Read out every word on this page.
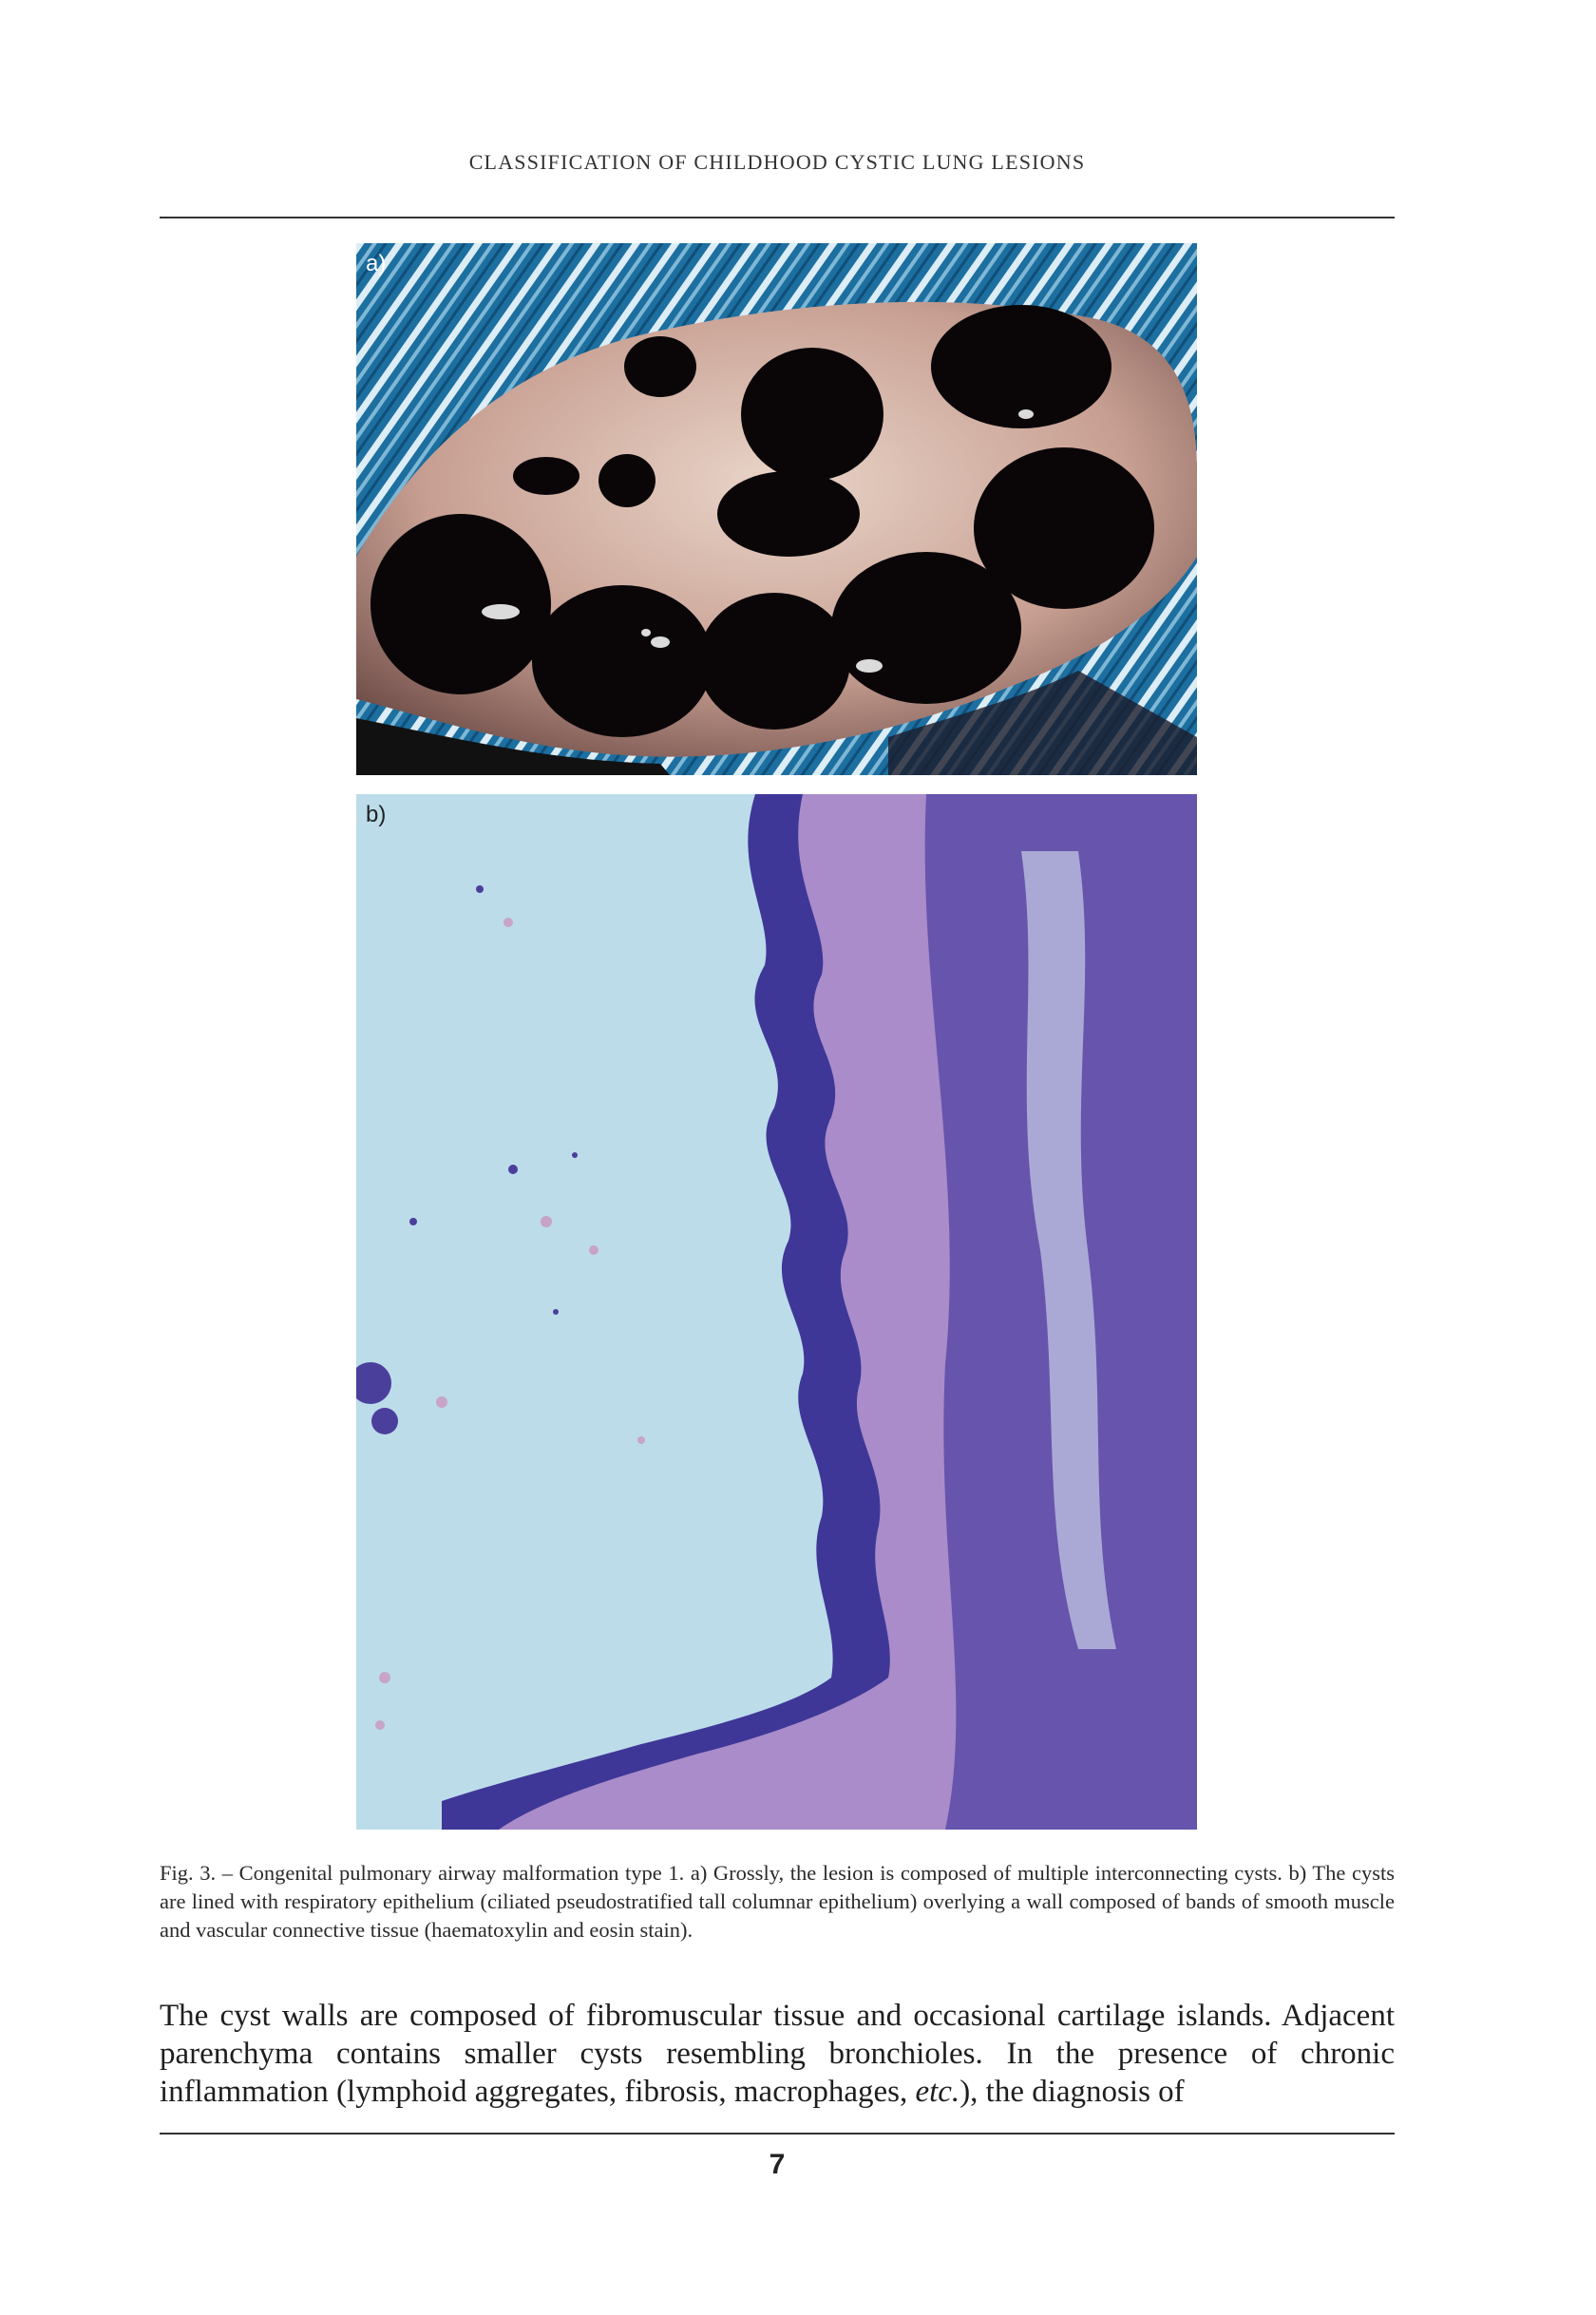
CLASSIFICATION OF CHILDHOOD CYSTIC LUNG LESIONS
a)
b)
Fig. 3. – Congenital pulmonary airway malformation type 1. a) Grossly, the lesion is composed of multiple interconnecting cysts. b) The cysts are lined with respiratory epithelium (ciliated pseudostratified tall columnar epithelium) overlying a wall composed of bands of smooth muscle and vascular connective tissue (haematoxylin and eosin stain).

The cyst walls are composed of fibromuscular tissue and occasional cartilage islands. Adjacent parenchyma contains smaller cysts resembling bronchioles. In the presence of chronic inflammation (lymphoid aggregates, fibrosis, macrophages, etc.), the diagnosis of

7
